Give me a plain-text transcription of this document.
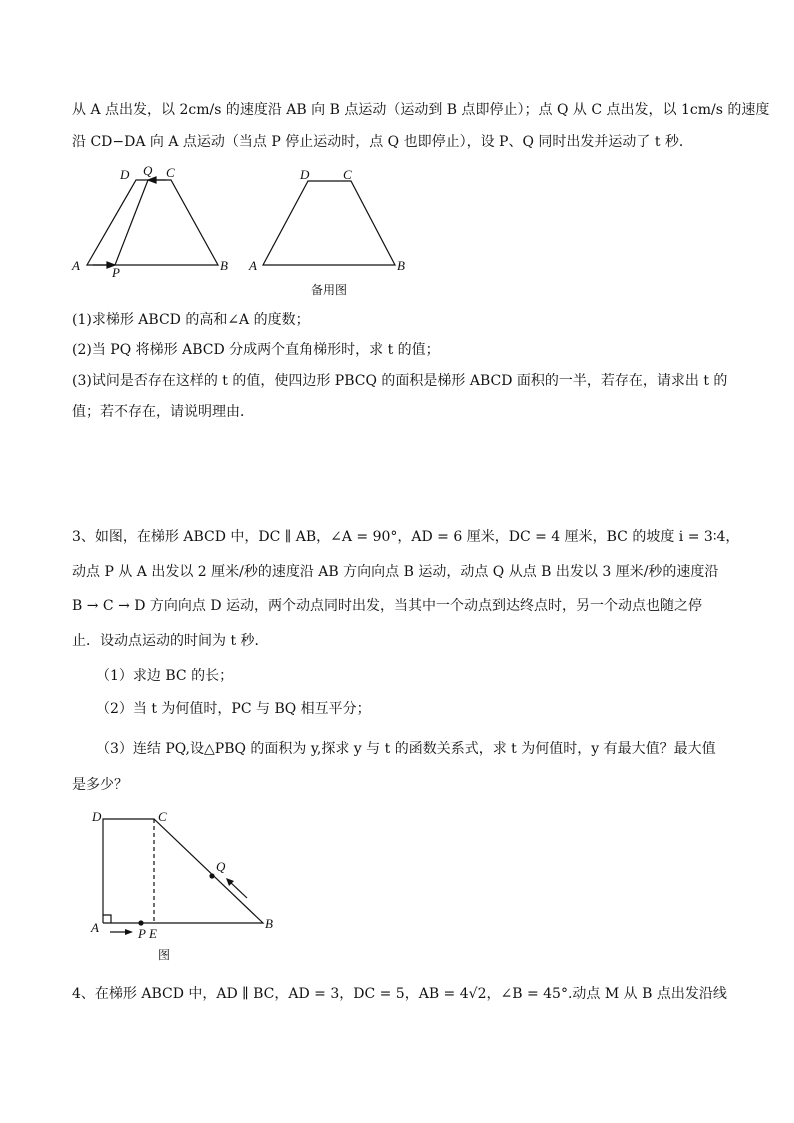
从 A 点出发，以 2cm/s 的速度沿 AB 向 B 点运动（运动到 B 点即停止）；点 Q 从 C 点出发，以 1cm/s 的速度
沿 CD−DA 向 A 点运动（当点 P 停止运动时，点 Q 也即停止），设 P、Q 同时出发并运动了 t 秒．
D Q C
A P	B
D	C
A	B
备用图
(1)求梯形 ABCD 的高和∠A 的度数；
(2)当 PQ 将梯形 ABCD 分成两个直角梯形时，求 t 的值；
(3)试问是否存在这样的 t 的值，使四边形 PBCQ 的面积是梯形 ABCD 面积的一半，若存在，请求出 t 的
值；若不存在，请说明理由．
3、如图，在梯形 ABCD 中，DC ∥ AB，∠A = 90°，AD = 6 厘米，DC = 4 厘米，BC 的坡度 i = 3∶4，
动点 P 从 A 出发以 2 厘米/秒的速度沿 AB 方向向点 B 运动，动点 Q 从点 B 出发以 3 厘米/秒的速度沿
B → C → D 方向向点 D 运动，两个动点同时出发，当其中一个动点到达终点时，另一个动点也随之停
止．设动点运动的时间为 t 秒．
（1）求边 BC 的长；
（2）当 t 为何值时，PC 与 BQ 相互平分；
（3）连结 PQ,设△PBQ 的面积为 y,探求 y 与 t 的函数关系式，求 t 为何值时，y 有最大值？最大值
是多少？
D	C
Q
A	P E
B
图
4、在梯形 ABCD 中，AD ∥ BC，AD = 3，DC = 5，AB = 4√2，∠B = 45°.动点 M 从 B 点出发沿线
